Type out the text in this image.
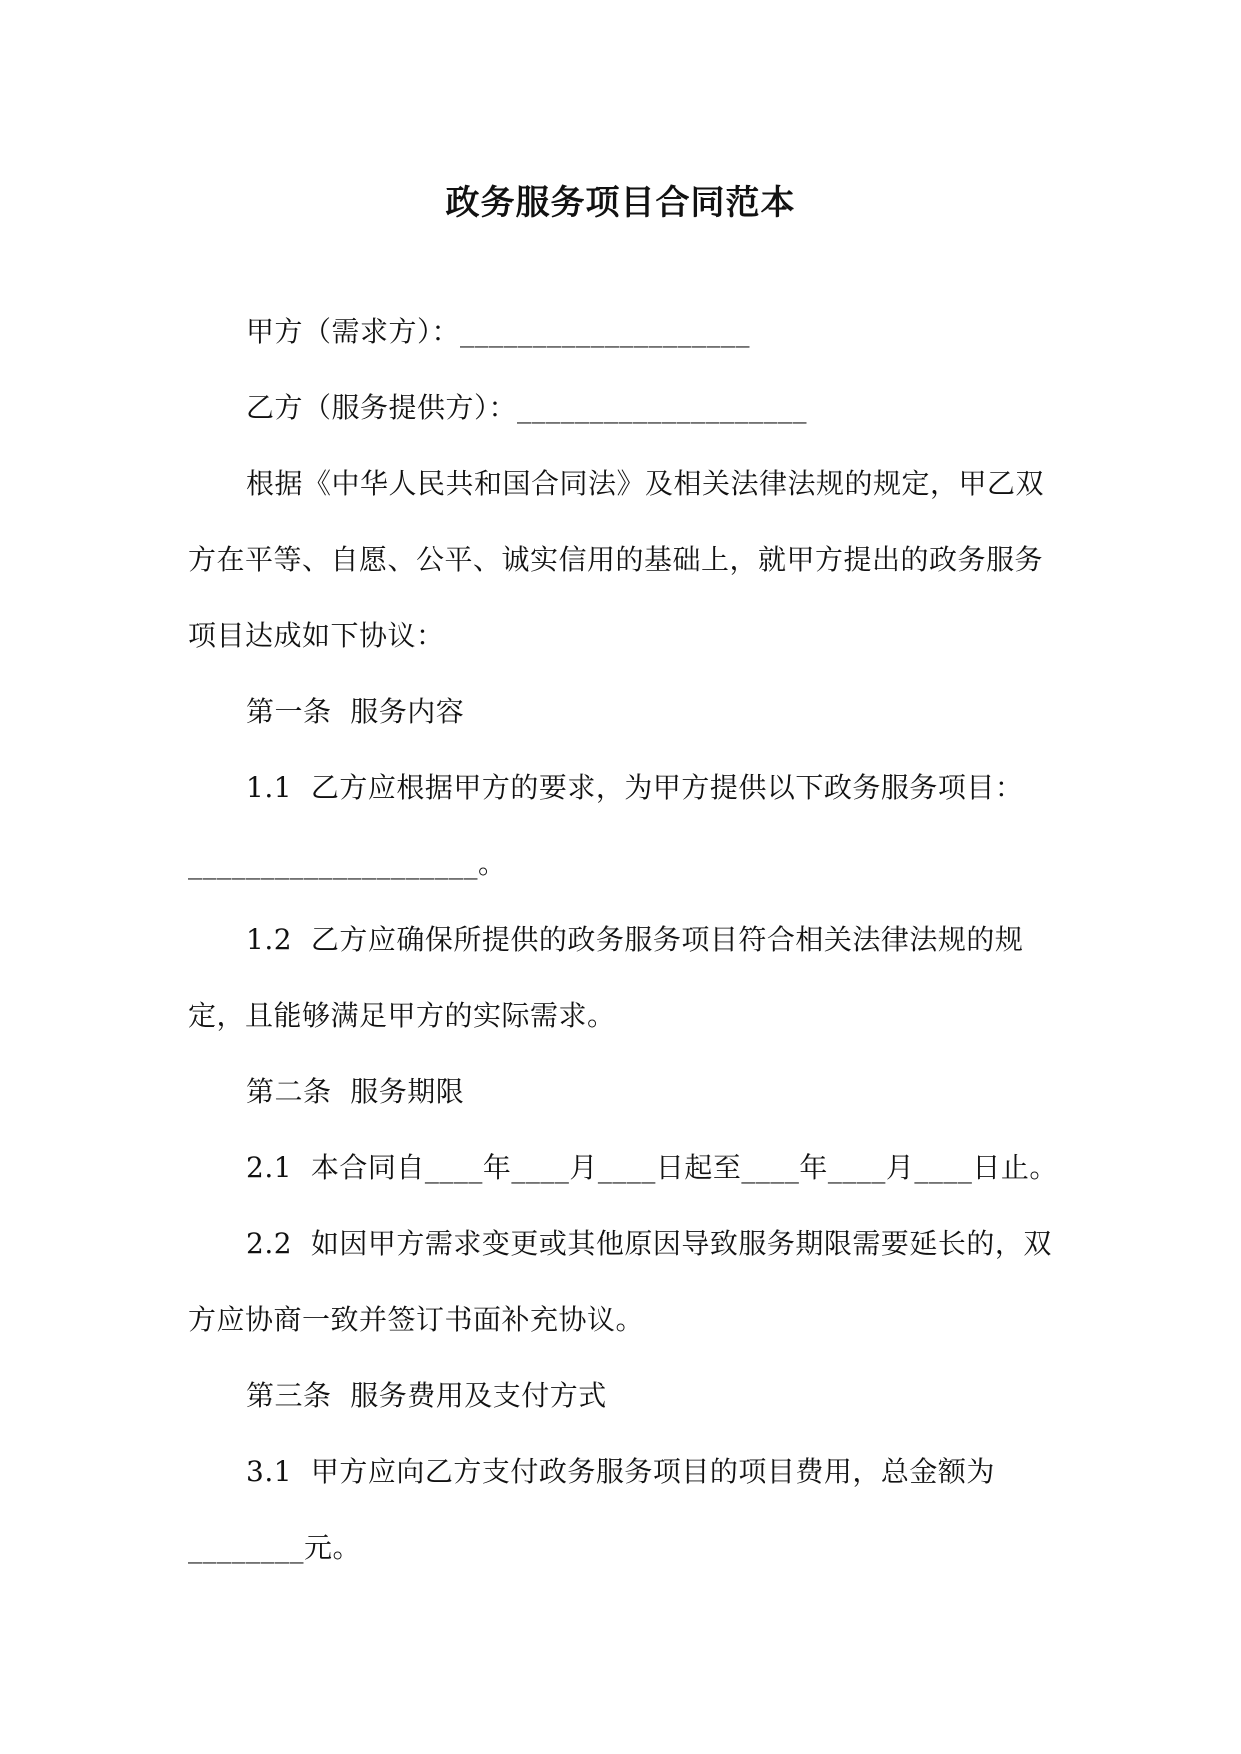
政务服务项目合同范本
甲方（需求方）：____________________
乙方（服务提供方）：____________________
根据《中华人民共和国合同法》及相关法律法规的规定，甲乙双
方在平等、自愿、公平、诚实信用的基础上，就甲方提出的政务服务
项目达成如下协议：
第一条  服务内容
1.1  乙方应根据甲方的要求，为甲方提供以下政务服务项目：
____________________。
1.2  乙方应确保所提供的政务服务项目符合相关法律法规的规
定，且能够满足甲方的实际需求。
第二条  服务期限
2.1  本合同自____年____月____日起至____年____月____日止。
2.2  如因甲方需求变更或其他原因导致服务期限需要延长的，双
方应协商一致并签订书面补充协议。
第三条  服务费用及支付方式
3.1  甲方应向乙方支付政务服务项目的项目费用，总金额为
________元。
